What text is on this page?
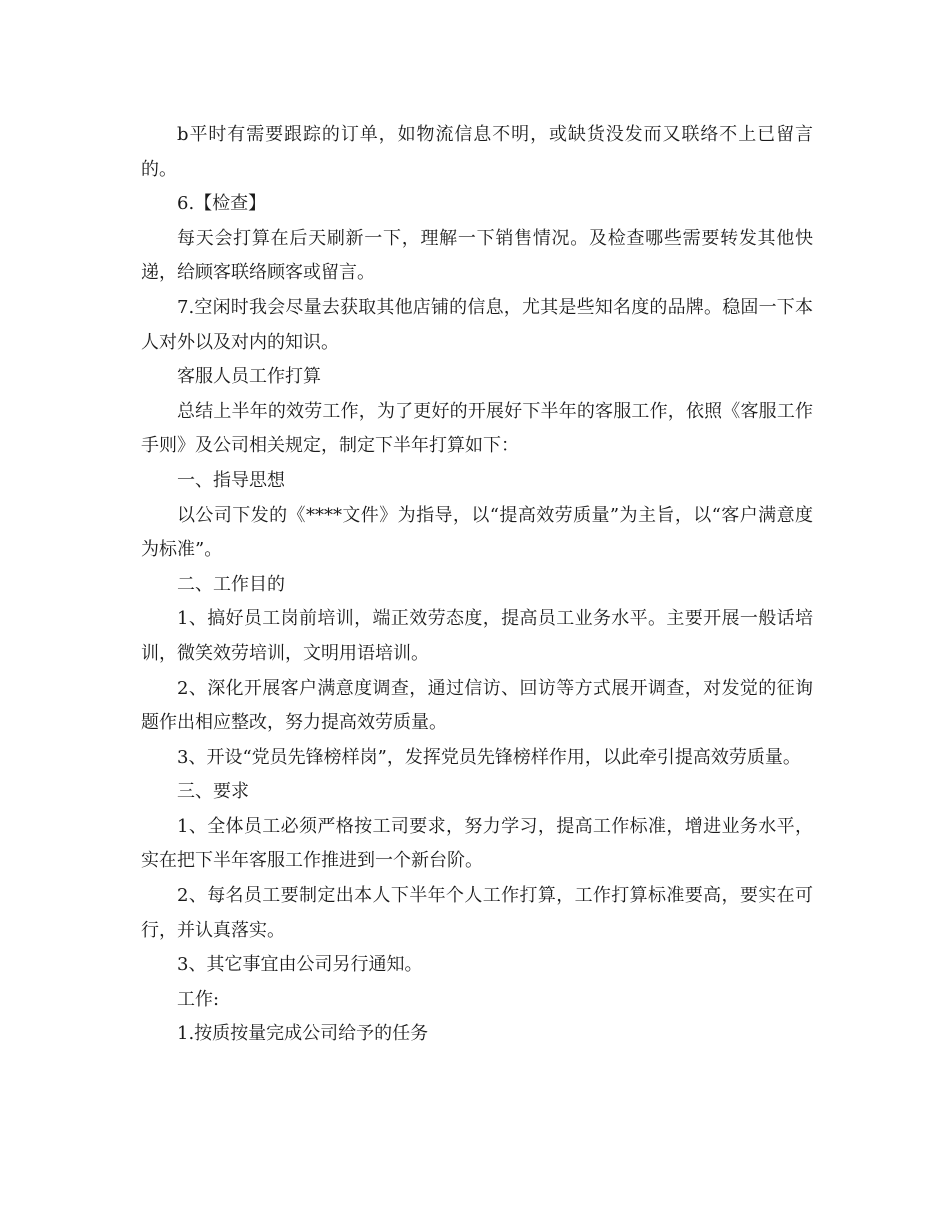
b平时有需要跟踪的订单，如物流信息不明，或缺货没发而又联络不上已留言的。

6.【检查】

每天会打算在后天刷新一下，理解一下销售情况。及检查哪些需要转发其他快递，给顾客联络顾客或留言。

7.空闲时我会尽量去获取其他店铺的信息，尤其是些知名度的品牌。稳固一下本人对外以及对内的知识。

客服人员工作打算

总结上半年的效劳工作，为了更好的开展好下半年的客服工作，依照《客服工作手则》及公司相关规定，制定下半年打算如下：

一、指导思想

以公司下发的《****文件》为指导，以“提高效劳质量”为主旨，以“客户满意度为标准”。

二、工作目的

1、搞好员工岗前培训，端正效劳态度，提高员工业务水平。主要开展一般话培训，微笑效劳培训，文明用语培训。

2、深化开展客户满意度调查，通过信访、回访等方式展开调查，对发觉的征询题作出相应整改，努力提高效劳质量。

3、开设“党员先锋榜样岗”，发挥党员先锋榜样作用，以此牵引提高效劳质量。

三、要求

1、全体员工必须严格按工司要求，努力学习，提高工作标准，增进业务水平，实在把下半年客服工作推进到一个新台阶。

2、每名员工要制定出本人下半年个人工作打算，工作打算标准要高，要实在可行，并认真落实。

3、其它事宜由公司另行通知。

工作:

1.按质按量完成公司给予的任务
